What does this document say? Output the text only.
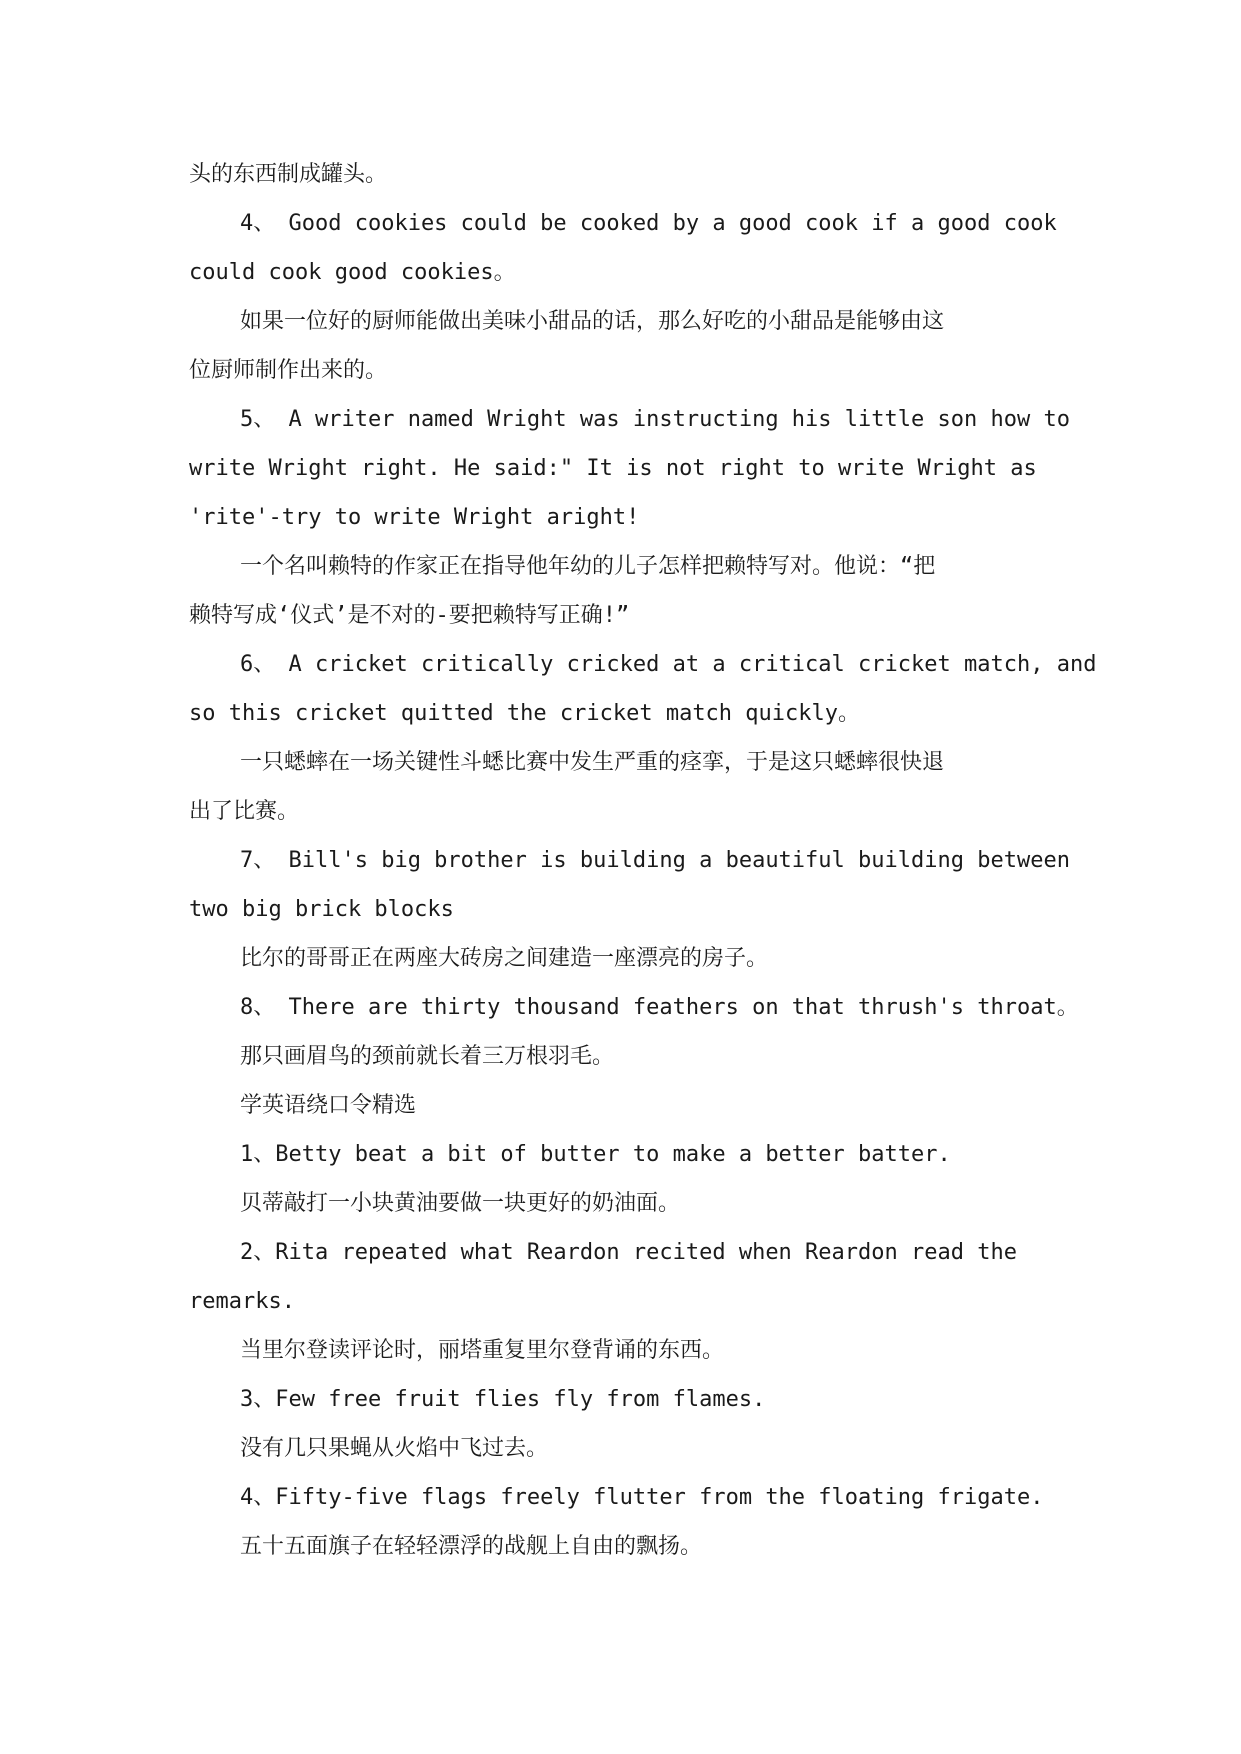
头的东西制成罐头。

4、 Good cookies could be cooked by a good cook if a good cook

could cook good cookies。

如果一位好的厨师能做出美味小甜品的话，那么好吃的小甜品是能够由这

位厨师制作出来的。

5、 A writer named Wright was instructing his little son how to

write Wright right. He said:" It is not right to write Wright as

'rite'-try to write Wright aright!

一个名叫赖特的作家正在指导他年幼的儿子怎样把赖特写对。他说：“把

赖特写成‘仪式’是不对的-要把赖特写正确!”

6、 A cricket critically cricked at a critical cricket match, and

so this cricket quitted the cricket match quickly。

一只蟋蟀在一场关键性斗蟋比赛中发生严重的痉挛，于是这只蟋蟀很快退

出了比赛。

7、 Bill's big brother is building a beautiful building between

two big brick blocks

比尔的哥哥正在两座大砖房之间建造一座漂亮的房子。

8、 There are thirty thousand feathers on that thrush's throat。

那只画眉鸟的颈前就长着三万根羽毛。

学英语绕口令精选

1、Betty beat a bit of butter to make a better batter.

贝蒂敲打一小块黄油要做一块更好的奶油面。

2、Rita repeated what Reardon recited when Reardon read the

remarks.

当里尔登读评论时，丽塔重复里尔登背诵的东西。

3、Few free fruit flies fly from flames.

没有几只果蝇从火焰中飞过去。

4、Fifty-five flags freely flutter from the floating frigate.

五十五面旗子在轻轻漂浮的战舰上自由的飘扬。
